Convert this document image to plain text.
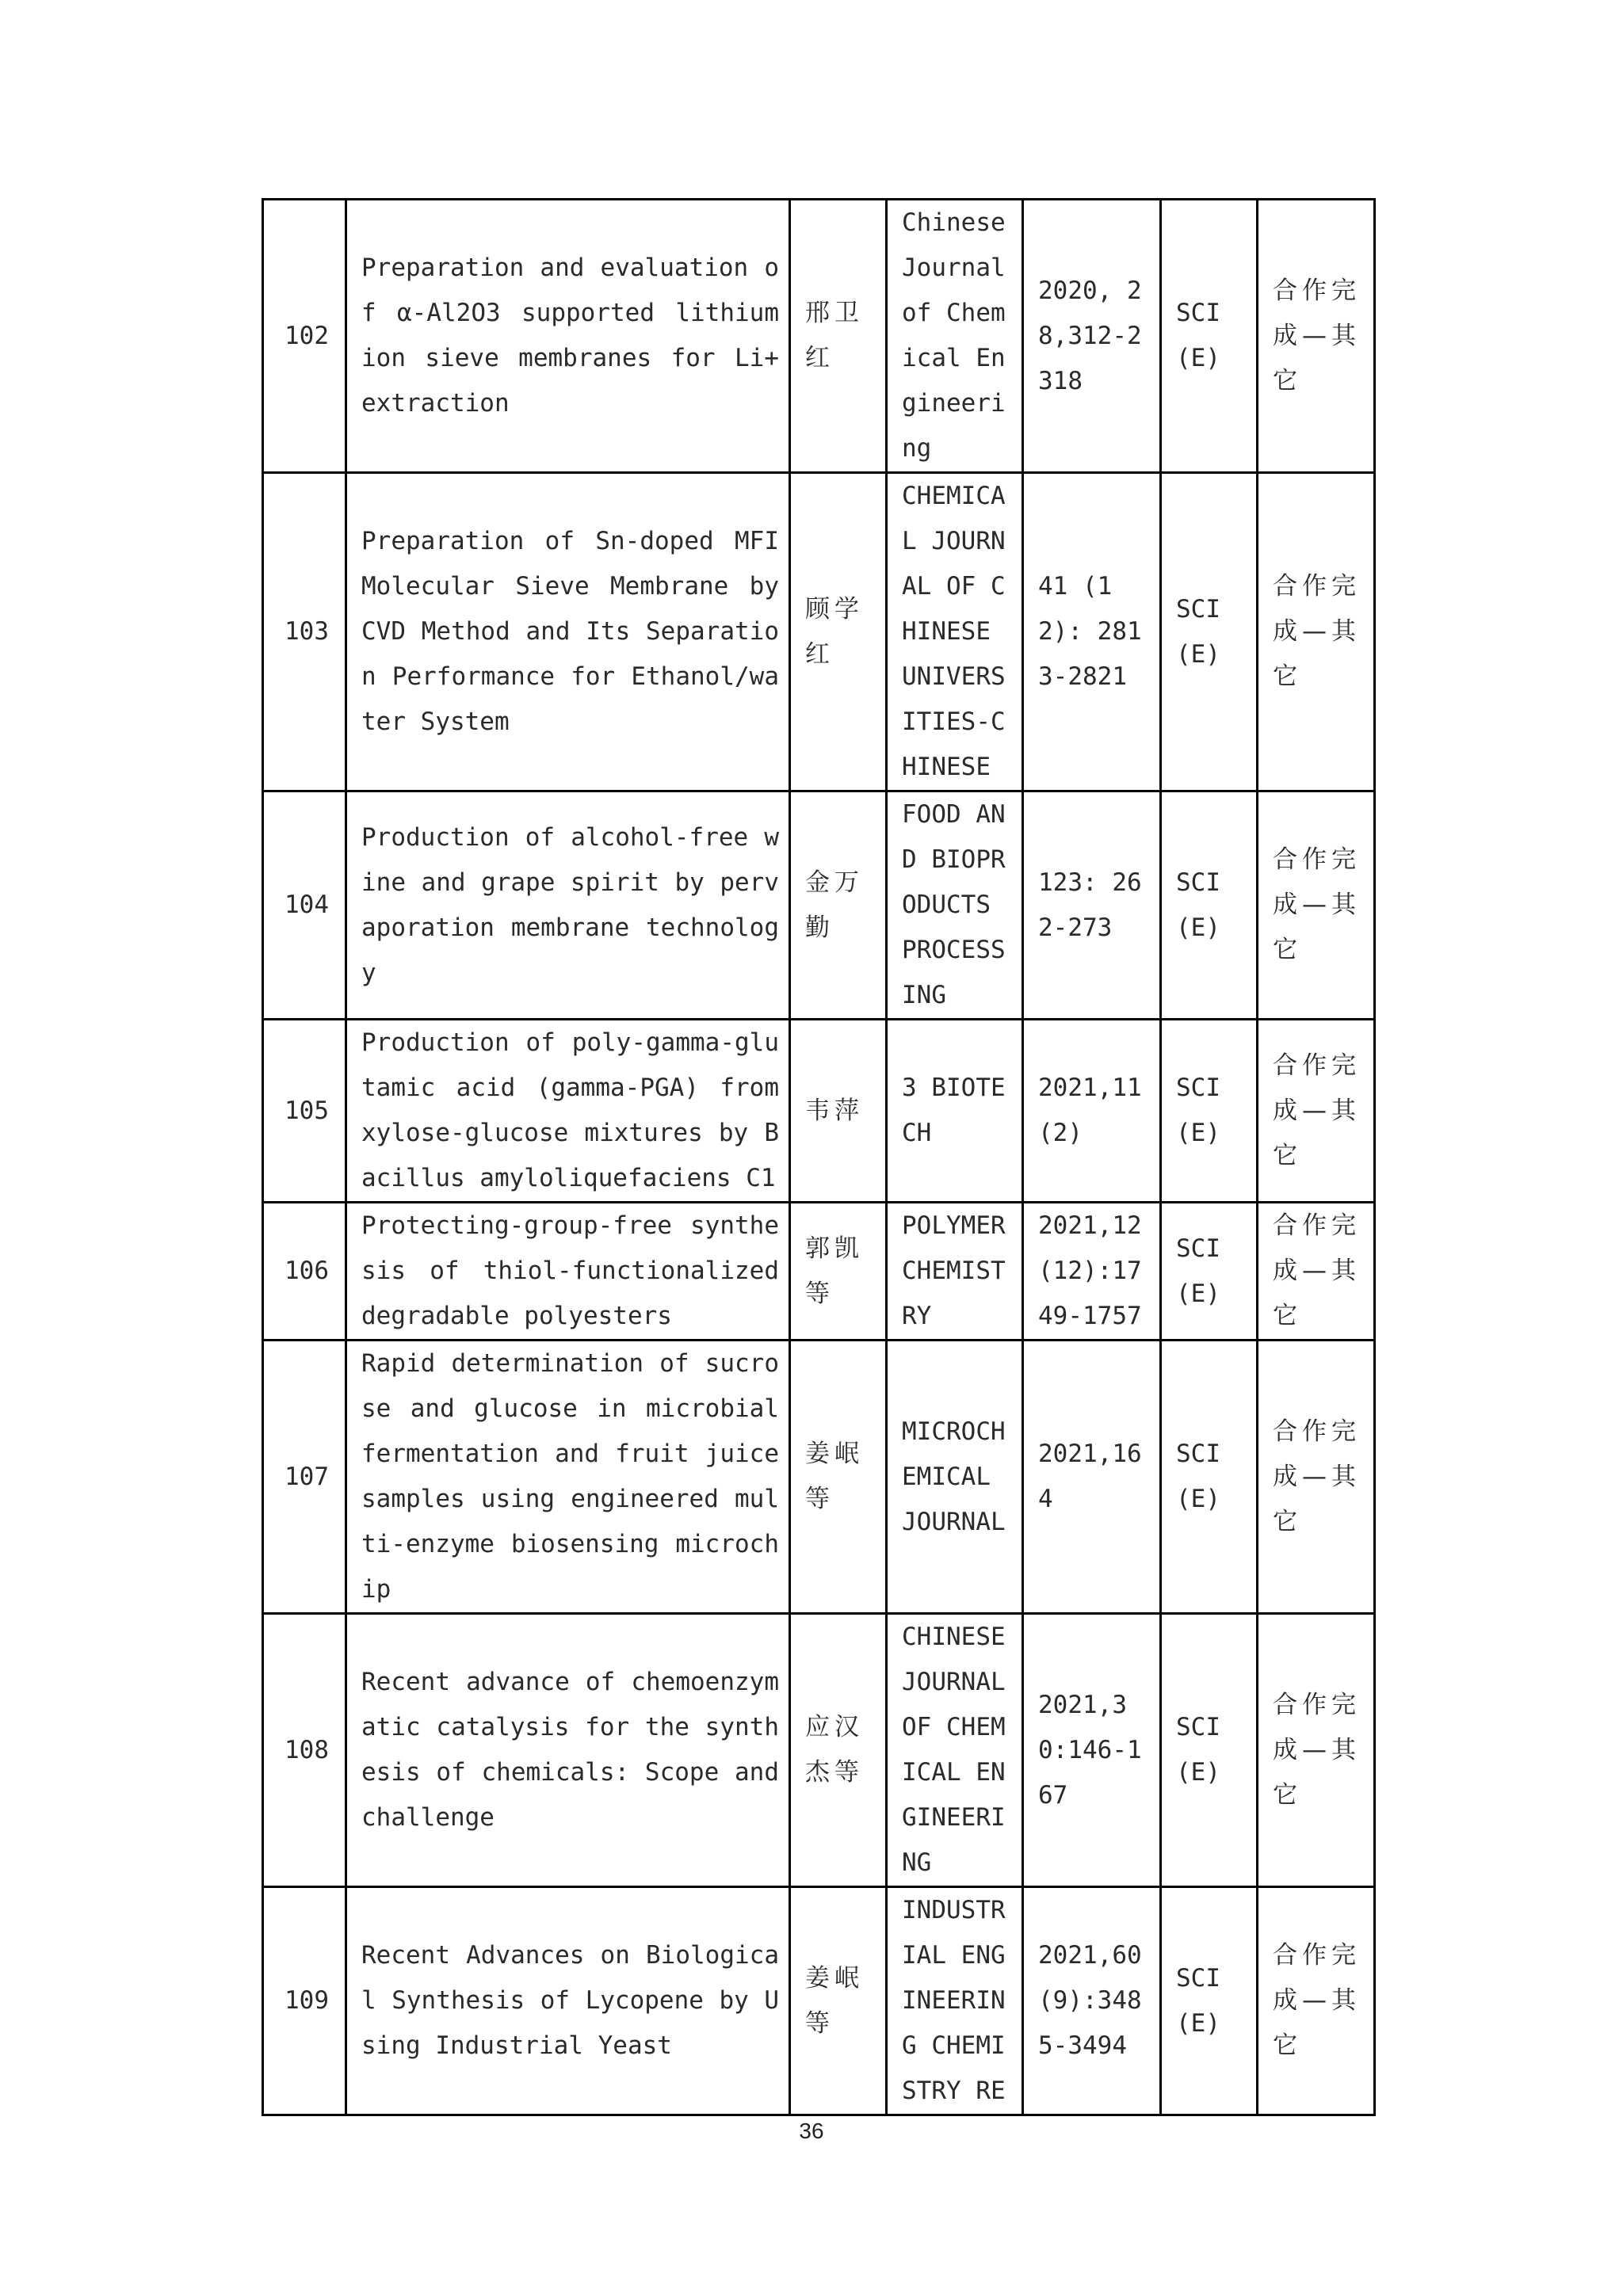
102	Preparation and evaluation of α-Al2O3 supported lithium ion sieve membranes for Li+ extraction	邢卫红	Chinese Journal of Chemical Engineering	2020, 28,312-2318	SCI(E)	合作完成—其它
103	Preparation of Sn-doped MFI Molecular Sieve Membrane by CVD Method and Its Separation Performance for Ethanol/water System	顾学红	CHEMICAL JOURNAL OF CHINESE UNIVERSITIES-CHINESE	41 (12): 2813-2821	SCI(E)	合作完成—其它
104	Production of alcohol-free wine and grape spirit by pervaporation membrane technology	金万勤	FOOD AND BIOPRODUCTS PROCESSING	123: 262-273	SCI(E)	合作完成—其它
105	Production of poly-gamma-glutamic acid (gamma-PGA) from xylose-glucose mixtures by Bacillus amyloliquefaciens C1	韦萍	3 BIOTECH	2021,11(2)	SCI(E)	合作完成—其它
106	Protecting-group-free synthesis of thiol-functionalized degradable polyesters	郭凯等	POLYMER CHEMISTRY	2021,12(12):1749-1757	SCI(E)	合作完成—其它
107	Rapid determination of sucrose and glucose in microbial fermentation and fruit juice samples using engineered multi-enzyme biosensing microchip	姜岷等	MICROCHEMICAL JOURNAL	2021,164	SCI(E)	合作完成—其它
108	Recent advance of chemoenzymatic catalysis for the synthesis of chemicals: Scope and challenge	应汉杰等	CHINESE JOURNAL OF CHEMICAL ENGINEERING	2021,30:146-167	SCI(E)	合作完成—其它
109	Recent Advances on Biological Synthesis of Lycopene by Using Industrial Yeast	姜岷等	INDUSTRIAL ENGINEERING CHEMISTRY RE	2021,60(9):3485-3494	SCI(E)	合作完成—其它
36
